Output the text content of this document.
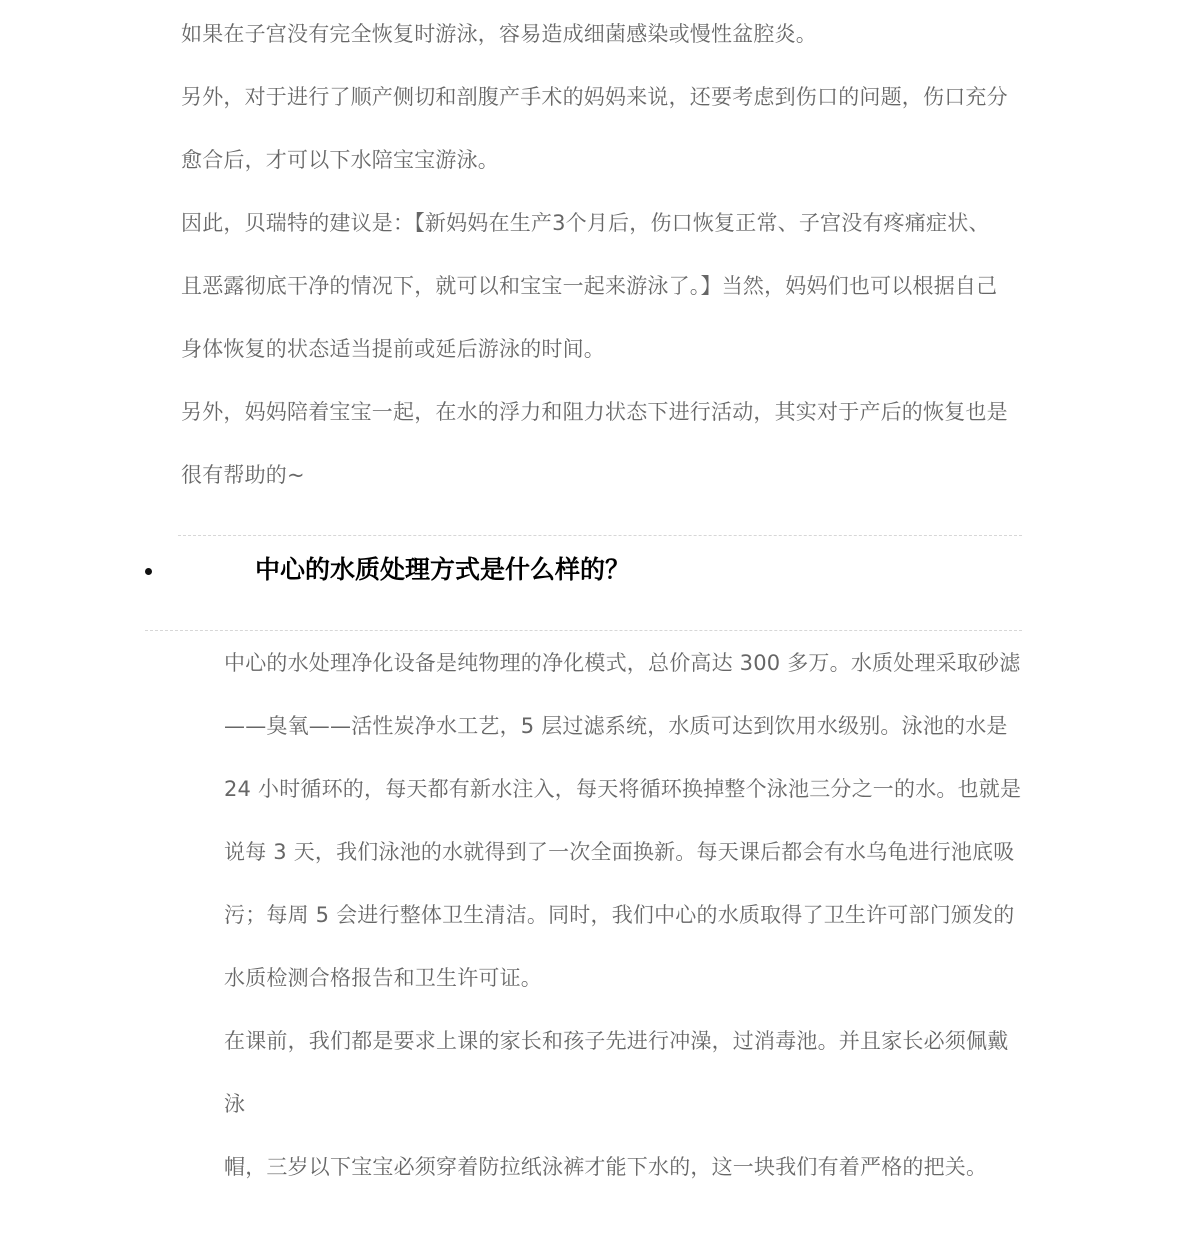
如果在子宫没有完全恢复时游泳，容易造成细菌感染或慢性盆腔炎。

另外，对于进行了顺产侧切和剖腹产手术的妈妈来说，还要考虑到伤口的问题，伤口充分

愈合后，才可以下水陪宝宝游泳。

因此，贝瑞特的建议是：【新妈妈在生产3个月后，伤口恢复正常、子宫没有疼痛症状、

且恶露彻底干净的情况下，就可以和宝宝一起来游泳了。】当然，妈妈们也可以根据自己

身体恢复的状态适当提前或延后游泳的时间。

另外，妈妈陪着宝宝一起，在水的浮力和阻力状态下进行活动，其实对于产后的恢复也是

很有帮助的~

中心的水质处理方式是什么样的？

中心的水处理净化设备是纯物理的净化模式，总价高达 300 多万。水质处理采取砂滤

——臭氧——活性炭净水工艺，5 层过滤系统，水质可达到饮用水级别。泳池的水是

24 小时循环的，每天都有新水注入，每天将循环换掉整个泳池三分之一的水。也就是

说每 3 天，我们泳池的水就得到了一次全面换新。每天课后都会有水乌龟进行池底吸

污；每周 5 会进行整体卫生清洁。同时，我们中心的水质取得了卫生许可部门颁发的

水质检测合格报告和卫生许可证。

在课前，我们都是要求上课的家长和孩子先进行冲澡，过消毒池。并且家长必须佩戴泳

帽，三岁以下宝宝必须穿着防拉纸泳裤才能下水的，这一块我们有着严格的把关。
